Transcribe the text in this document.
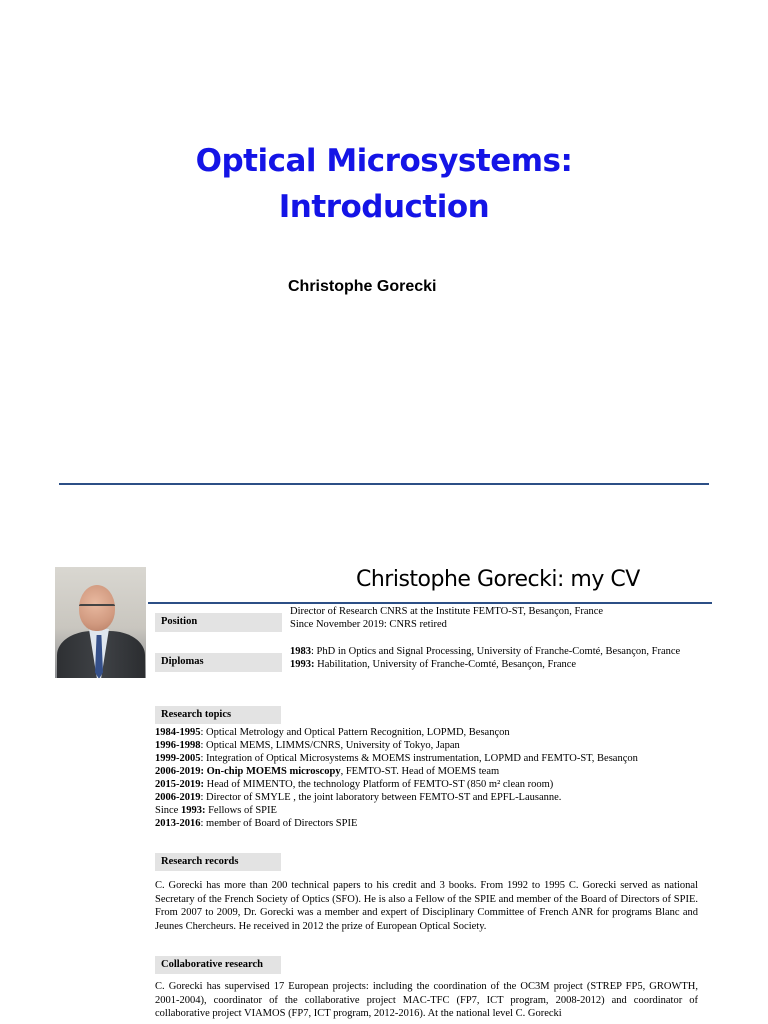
Optical Microsystems:
Introduction
Christophe Gorecki
Christophe Gorecki: my CV
Position
Director of Research CNRS at the Institute FEMTO-ST, Besançon, France
Since November 2019: CNRS retired
Diplomas
1983: PhD in Optics and Signal Processing, University of Franche-Comté, Besançon, France
1993: Habilitation, University of Franche-Comté, Besançon, France
Research topics
1984-1995: Optical Metrology and Optical Pattern Recognition, LOPMD, Besançon
1996-1998: Optical MEMS, LIMMS/CNRS, University of Tokyo, Japan
1999-2005: Integration of Optical Microsystems & MOEMS instrumentation, LOPMD and FEMTO-ST, Besançon
2006-2019: On-chip MOEMS microscopy, FEMTO-ST. Head of MOEMS team
2015-2019: Head of MIMENTO, the technology Platform of FEMTO-ST (850 m² clean room)
2006-2019: Director of SMYLE , the joint laboratory between FEMTO-ST and EPFL-Lausanne.
Since 1993: Fellows of SPIE
2013-2016: member of Board of Directors SPIE
Research records
C. Gorecki has more than 200 technical papers to his credit and 3 books. From 1992 to 1995 C. Gorecki served as national Secretary of the French Society of Optics (SFO). He is also a Fellow of the SPIE and member of the Board of Directors of SPIE. From 2007 to 2009, Dr. Gorecki was a member and expert of Disciplinary Committee of French ANR for programs Blanc and Jeunes Chercheurs. He received in 2012 the prize of European Optical Society.
Collaborative research
C. Gorecki has supervised 17 European projects: including the coordination of the OC3M project (STREP FP5, GROWTH, 2001-2004), coordinator of the collaborative project MAC-TFC (FP7, ICT program, 2008-2012) and coordinator of collaborative project VIAMOS (FP7, ICT program, 2012-2016). At the national level C. Gorecki
